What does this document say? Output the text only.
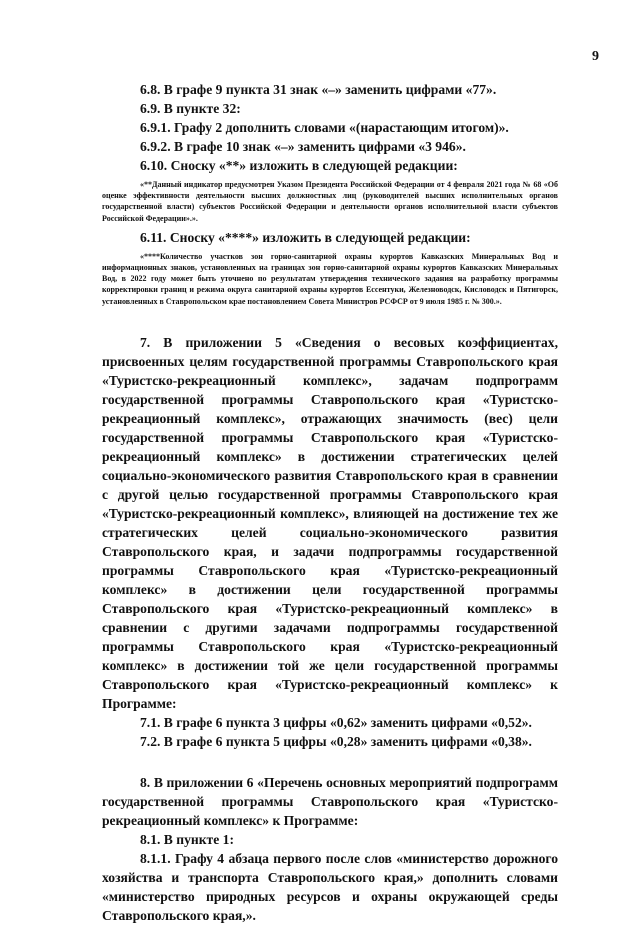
9

6.8. В графе 9 пункта 31 знак «–» заменить цифрами «77».

6.9. В пункте 32:

6.9.1. Графу 2 дополнить словами «(нарастающим итогом)».

6.9.2. В графе 10 знак «–» заменить цифрами «3 946».

6.10. Сноску «**» изложить в следующей редакции:

«**Данный индикатор предусмотрен Указом Президента Российской Федерации от 4 февраля 2021 года № 68 «Об оценке эффективности деятельности высших должностных лиц (руководителей высших исполнительных органов государственной власти) субъектов Российской Федерации и деятельности органов исполнительной власти субъектов Российской Федерации».».

6.11. Сноску «****» изложить в следующей редакции:

«****Количество участков зон горно-санитарной охраны курортов Кавказских Минеральных Вод и информационных знаков, установленных на границах зон горно-санитарной охраны курортов Кавказских Минеральных Вод, в 2022 году может быть уточнено по результатам утверждения технического задания на разработку программы корректировки границ и режима округа санитарной охраны курортов Ессентуки, Железноводск, Кисловодск и Пятигорск, установленных в Ставропольском крае постановлением Совета Министров РСФСР от 9 июля 1985 г. № 300.».

7. В приложении 5 «Сведения о весовых коэффициентах, присвоенных целям государственной программы Ставропольского края «Туристско-рекреационный комплекс», задачам подпрограмм государственной программы Ставропольского края «Туристско-рекреационный комплекс», отражающих значимость (вес) цели государственной программы Ставропольского края «Туристско-рекреационный комплекс» в достижении стратегических целей социально-экономического развития Ставропольского края в сравнении с другой целью государственной программы Ставропольского края «Туристско-рекреационный комплекс», влияющей на достижение тех же стратегических целей социально-экономического развития Ставропольского края, и задачи подпрограммы государственной программы Ставропольского края «Туристско-рекреационный комплекс» в достижении цели государственной программы Ставропольского края «Туристско-рекреационный комплекс» в сравнении с другими задачами подпрограммы государственной программы Ставропольского края «Туристско-рекреационный комплекс» в достижении той же цели государственной программы Ставропольского края «Туристско-рекреационный комплекс» к Программе:

7.1. В графе 6 пункта 3 цифры «0,62» заменить цифрами «0,52».

7.2. В графе 6 пункта 5 цифры «0,28» заменить цифрами «0,38».

8. В приложении 6 «Перечень основных мероприятий подпрограмм государственной программы Ставропольского края «Туристско-рекреационный комплекс» к Программе:

8.1. В пункте 1:

8.1.1. Графу 4 абзаца первого после слов «министерство дорожного хозяйства и транспорта Ставропольского края,» дополнить словами «министерство природных ресурсов и охраны окружающей среды Ставропольского края,».
